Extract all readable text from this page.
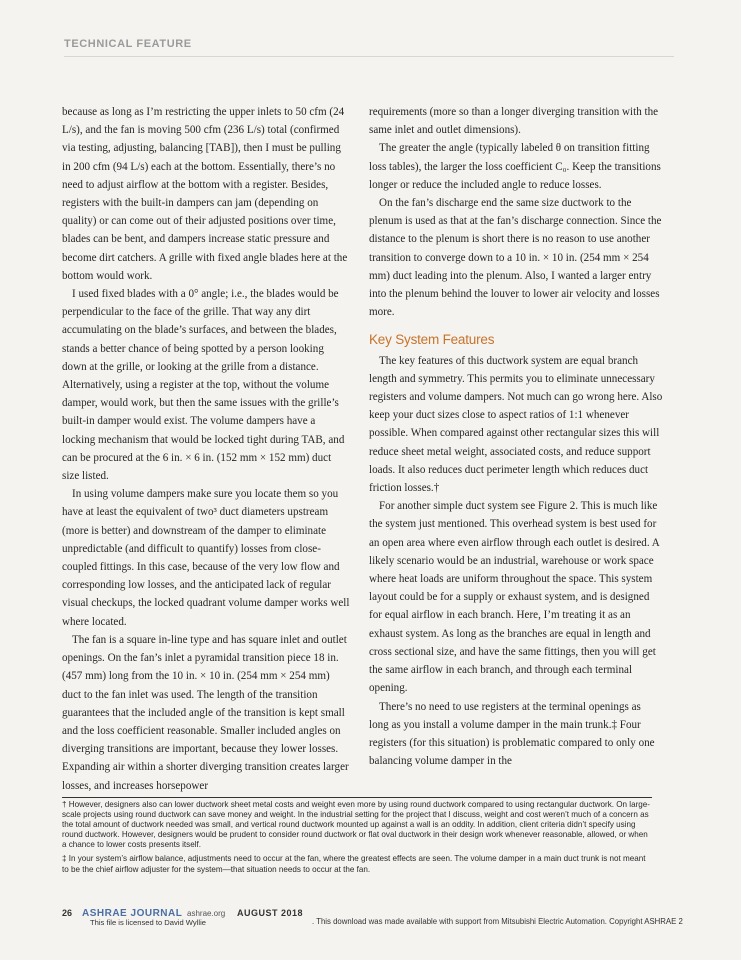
TECHNICAL FEATURE

because as long as I’m restricting the upper inlets to 50 cfm (24 L/s), and the fan is moving 500 cfm (236 L/s) total (confirmed via testing, adjusting, balancing [TAB]), then I must be pulling in 200 cfm (94 L/s) each at the bottom. Essentially, there’s no need to adjust airflow at the bottom with a register. Besides, registers with the built-in dampers can jam (depending on quality) or can come out of their adjusted positions over time, blades can be bent, and dampers increase static pressure and become dirt catchers. A grille with fixed angle blades here at the bottom would work.

I used fixed blades with a 0° angle; i.e., the blades would be perpendicular to the face of the grille. That way any dirt accumulating on the blade’s surfaces, and between the blades, stands a better chance of being spotted by a person looking down at the grille, or looking at the grille from a distance. Alternatively, using a register at the top, without the volume damper, would work, but then the same issues with the grille’s built-in damper would exist. The volume dampers have a locking mechanism that would be locked tight during TAB, and can be procured at the 6 in. × 6 in. (152 mm × 152 mm) duct size listed.

In using volume dampers make sure you locate them so you have at least the equivalent of two³ duct diameters upstream (more is better) and downstream of the damper to eliminate unpredictable (and difficult to quantify) losses from close-coupled fittings. In this case, because of the very low flow and corresponding low losses, and the anticipated lack of regular visual checkups, the locked quadrant volume damper works well where located.

The fan is a square in-line type and has square inlet and outlet openings. On the fan’s inlet a pyramidal transition piece 18 in. (457 mm) long from the 10 in. × 10 in. (254 mm × 254 mm) duct to the fan inlet was used. The length of the transition guarantees that the included angle of the transition is kept small and the loss coefficient reasonable. Smaller included angles on diverging transitions are important, because they lower losses. Expanding air within a shorter diverging transition creates larger losses, and increases horsepower

requirements (more so than a longer diverging transition with the same inlet and outlet dimensions).

The greater the angle (typically labeled θ on transition fitting loss tables), the larger the loss coefficient C₀. Keep the transitions longer or reduce the included angle to reduce losses.

On the fan’s discharge end the same size ductwork to the plenum is used as that at the fan’s discharge connection. Since the distance to the plenum is short there is no reason to use another transition to converge down to a 10 in. × 10 in. (254 mm × 254 mm) duct leading into the plenum. Also, I wanted a larger entry into the plenum behind the louver to lower air velocity and losses more.

Key System Features

The key features of this ductwork system are equal branch length and symmetry. This permits you to eliminate unnecessary registers and volume dampers. Not much can go wrong here. Also keep your duct sizes close to aspect ratios of 1:1 whenever possible. When compared against other rectangular sizes this will reduce sheet metal weight, associated costs, and reduce support loads. It also reduces duct perimeter length which reduces duct friction losses.†

For another simple duct system see Figure 2. This is much like the system just mentioned. This overhead system is best used for an open area where even airflow through each outlet is desired. A likely scenario would be an industrial, warehouse or work space where heat loads are uniform throughout the space. This system layout could be for a supply or exhaust system, and is designed for equal airflow in each branch. Here, I’m treating it as an exhaust system. As long as the branches are equal in length and cross sectional size, and have the same fittings, then you will get the same airflow in each branch, and through each terminal opening.

There’s no need to use registers at the terminal openings as long as you install a volume damper in the main trunk.‡ Four registers (for this situation) is problematic compared to only one balancing volume damper in the

† However, designers also can lower ductwork sheet metal costs and weight even more by using round ductwork compared to using rectangular ductwork. On large-scale projects using round ductwork can save money and weight. In the industrial setting for the project that I discuss, weight and cost weren’t much of a concern as the total amount of ductwork needed was small, and vertical round ductwork mounted up against a wall is an oddity. In addition, client criteria didn’t specify using round ductwork. However, designers would be prudent to consider round ductwork or flat oval ductwork in their design work whenever reasonable, allowed, or when a chance to lower costs presents itself.

‡ In your system’s airflow balance, adjustments need to occur at the fan, where the greatest effects are seen. The volume damper in a main duct trunk is not meant to be the chief airflow adjuster for the system—that situation needs to occur at the fan.

26 ASHRAE JOURNAL ashrae.org AUGUST 2018
This file is licensed to David Wyllie	. This download was made available with support from Mitsubishi Electric Automation. Copyright ASHRAE 2
